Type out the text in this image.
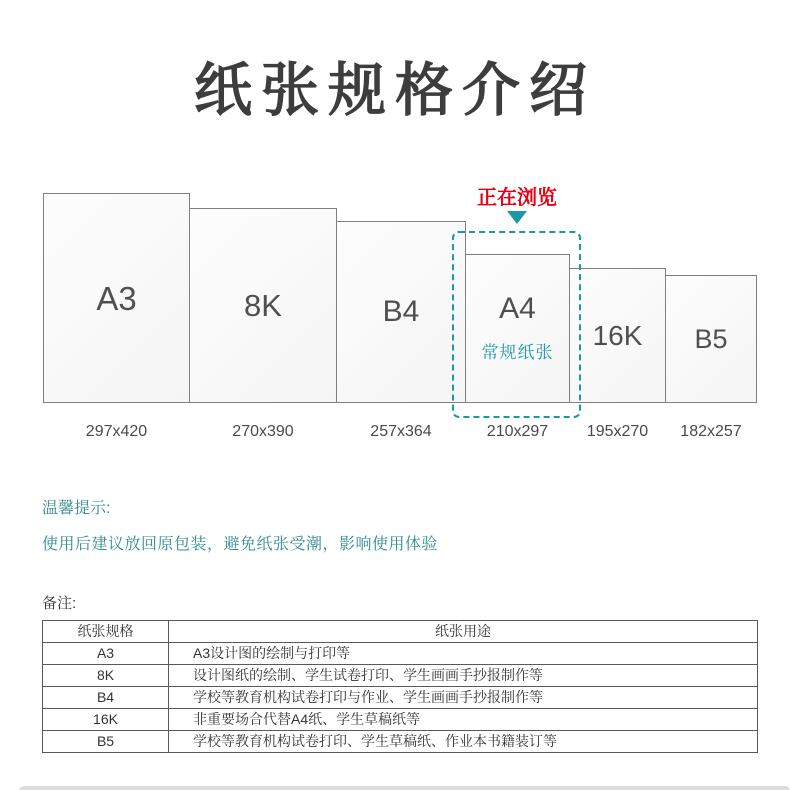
纸张规格介绍
正在浏览
A3	8K	B4	A4
常规纸张
16K B5
297x420	270x390	257x364	210x297	195x270	182x257
温馨提示:
使用后建议放回原包装，避免纸张受潮，影响使用体验
备注:
纸张规格	纸张用途
A3	A3设计图的绘制与打印等
8K	设计图纸的绘制、学生试卷打印、学生画画手抄报制作等
B4	学校等教育机构试卷打印与作业、学生画画手抄报制作等
16K	非重要场合代替A4纸、学生草稿纸等
B5	学校等教育机构试卷打印、学生草稿纸、作业本书籍装订等
